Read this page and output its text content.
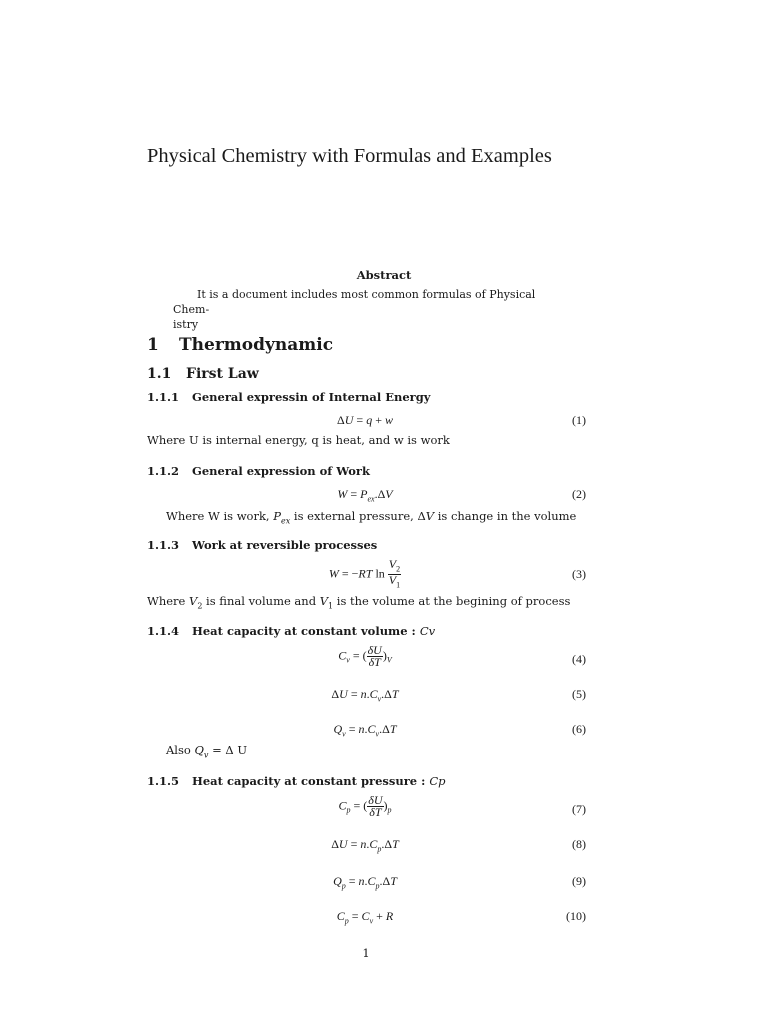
Physical Chemistry with Formulas and Examples
Abstract
It is a document includes most common formulas of Physical Chem-
istry
1 Thermodynamic
1.1 First Law
1.1.1 General expressin of Internal Energy
ΔU = q + w	(1)
Where U is internal energy, q is heat, and w is work
1.1.2 General expression of Work
$W = P_{ex}.\Delta V$	(2)
Where W is work, $P_{ex}$ is external pressure, ΔV is change in the volume
1.1.3 Work at reversible processes
W = −RT $\ln \frac{V_2}{V_1}$	(3)
Where $V_2$ is final volume and $V_1$ is the volume at the begining of process
1.1.4 Heat capacity at constant volume : Cv
$C_v$ = ( $\frac{\delta U}{\delta T} )_V$	(4)
$\Delta U = n.C_v.\Delta T$	(5)
$Q_v = n.C_v.\Delta T$	(6)
Also $Q_v = \Delta$ U
1.1.5 Heat capacity at constant pressure : Cp
$C_p$ = ( $\frac{\delta U}{\delta T} )_p$	(7)
$\Delta U = n.C_p.\Delta T$	(8)
$Q_p = n.C_p.\Delta T$	(9)
$C_p = C_v + R$	(10)
1
